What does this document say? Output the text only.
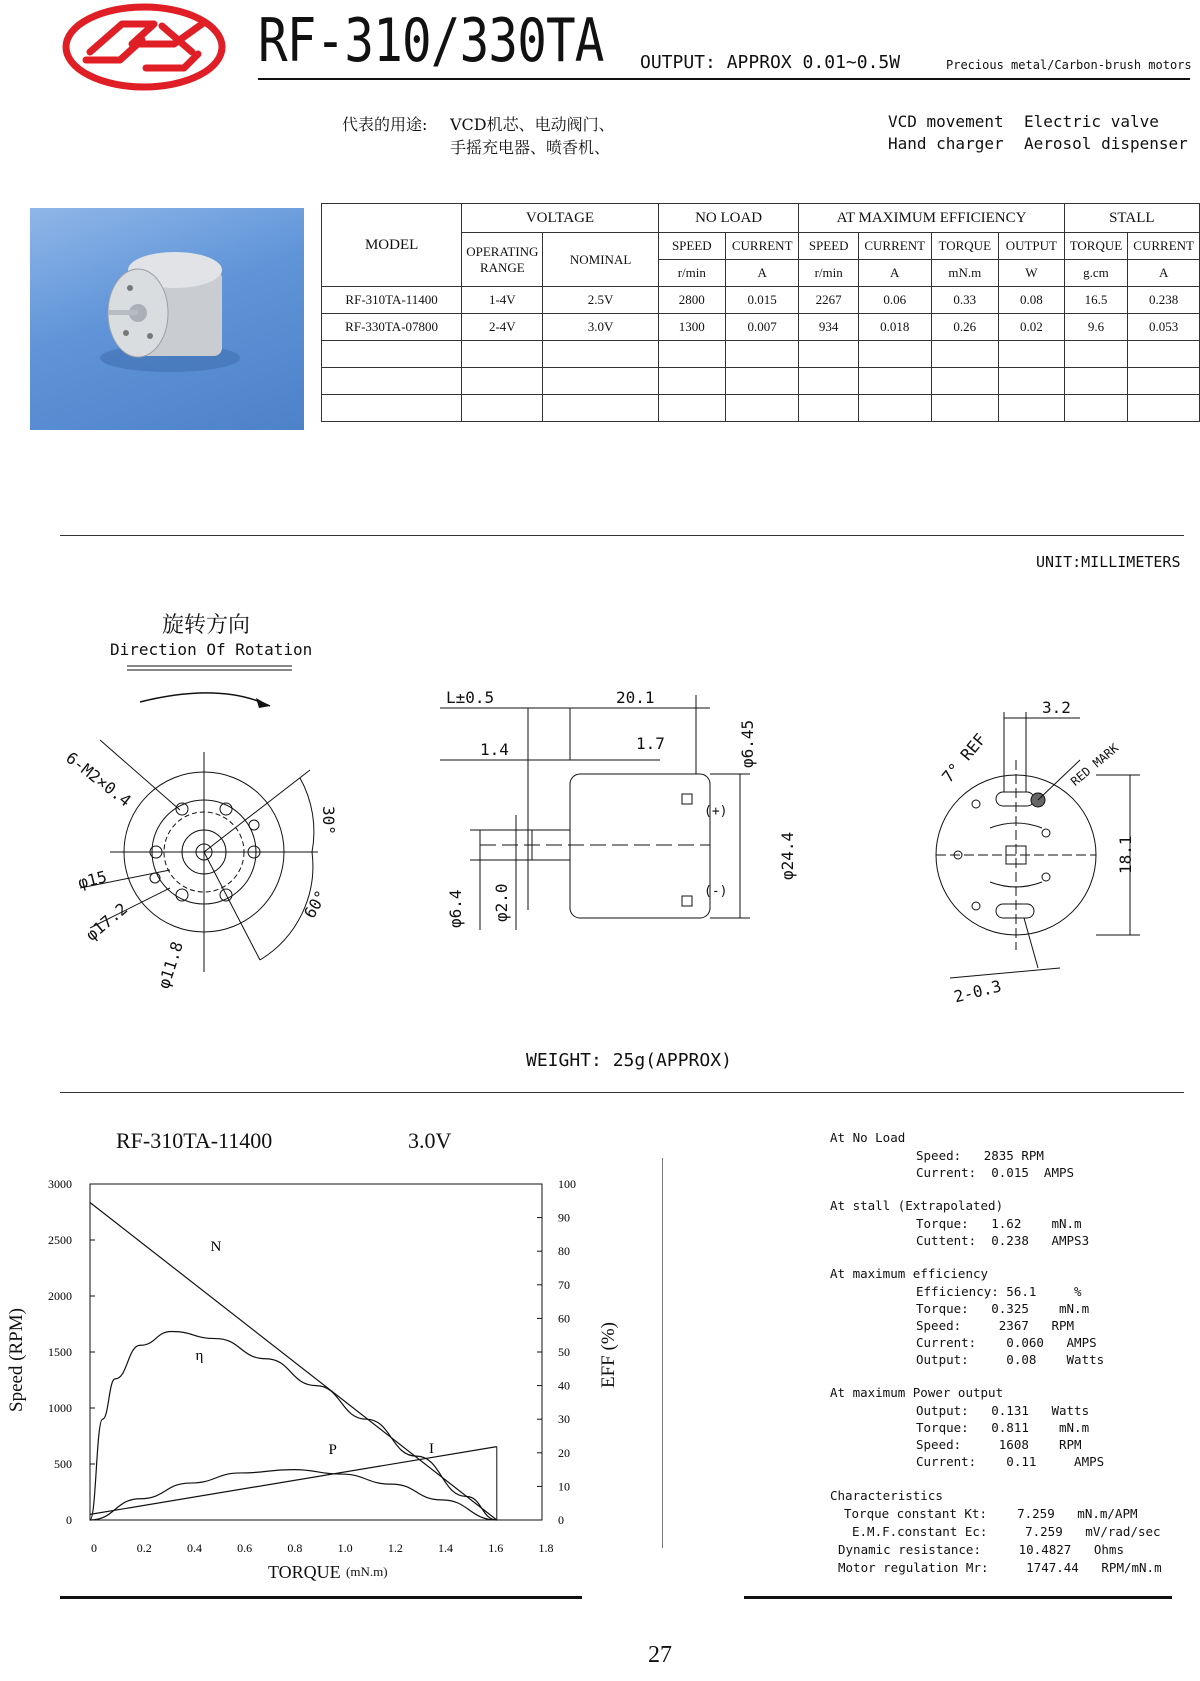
RF-310/330TA OUTPUT: APPROX 0.01~0.5W	Precious metal/Carbon-brush motors
代表的用途: VCD机芯、电动阀门、
手摇充电器、喷香机、
VCD movement Electric valve
Hand charger Aerosol dispenser
MODEL	VOLTAGE		NO LOAD		AT MAXIMUM EFFICIENCY				STALL	
	OPERATING RANGE	NOMINAL	SPEED	CURRENT	SPEED	CURRENT	TORQUE	OUTPUT	TORQUE	CURRENT
			r/min	A	r/min	A	mN.m	W	g.cm	A
RF-310TA-11400	1-4V	2.5V	2800	0.015	2267	0.06	0.33	0.08	16.5	0.238
RF-330TA-07800	2-4V	3.0V	1300	0.007	934	0.018	0.26	0.02	9.6	0.053

UNIT:MILLIMETERS
旋转方向
Direction Of Rotation
6-M2×0.4
30°
φ15
φ17.2
φ11.8
60°
L±0.5	20.1
1.4	1.7	φ6.45
(+)
(-)
φ24.4
φ6.4 φ2.0
3.2
7° REF	RED MARK
18.1
2-0.3
WEIGHT: 25g(APPROX)
RF-310TA-11400	3.0V
Speed (RPM)	EFF (%)
TORQUE (mN.m)
0
500
1000
1500
2000
2500
3000
0
10
20
30
40
50
60
70
80
90
100
0	0.2	0.4	0.6	0.8	1.0	1.2	1.4	1.6	1.8
N
η
P	I
At No Load
Speed:   2835 RPM
Current:  0.015  AMPS
At stall (Extrapolated)
Torque:   1.62    mN.m
Cuttent:  0.238   AMPS3
At maximum efficiency
Efficiency: 56.1     %
Torque:   0.325    mN.m
Speed:     2367   RPM
Current:    0.060   AMPS
Output:     0.08    Watts
At maximum Power output
Output:   0.131   Watts
Torque:   0.811    mN.m
Speed:     1608    RPM
Current:    0.11     AMPS
Characteristics
Torque constant Kt:    7.259   mN.m/APM
E.M.F.constant Ec:     7.259   mV/rad/sec
Dynamic resistance:     10.4827   Ohms
Motor regulation Mr:     1747.44   RPM/mN.m
27
